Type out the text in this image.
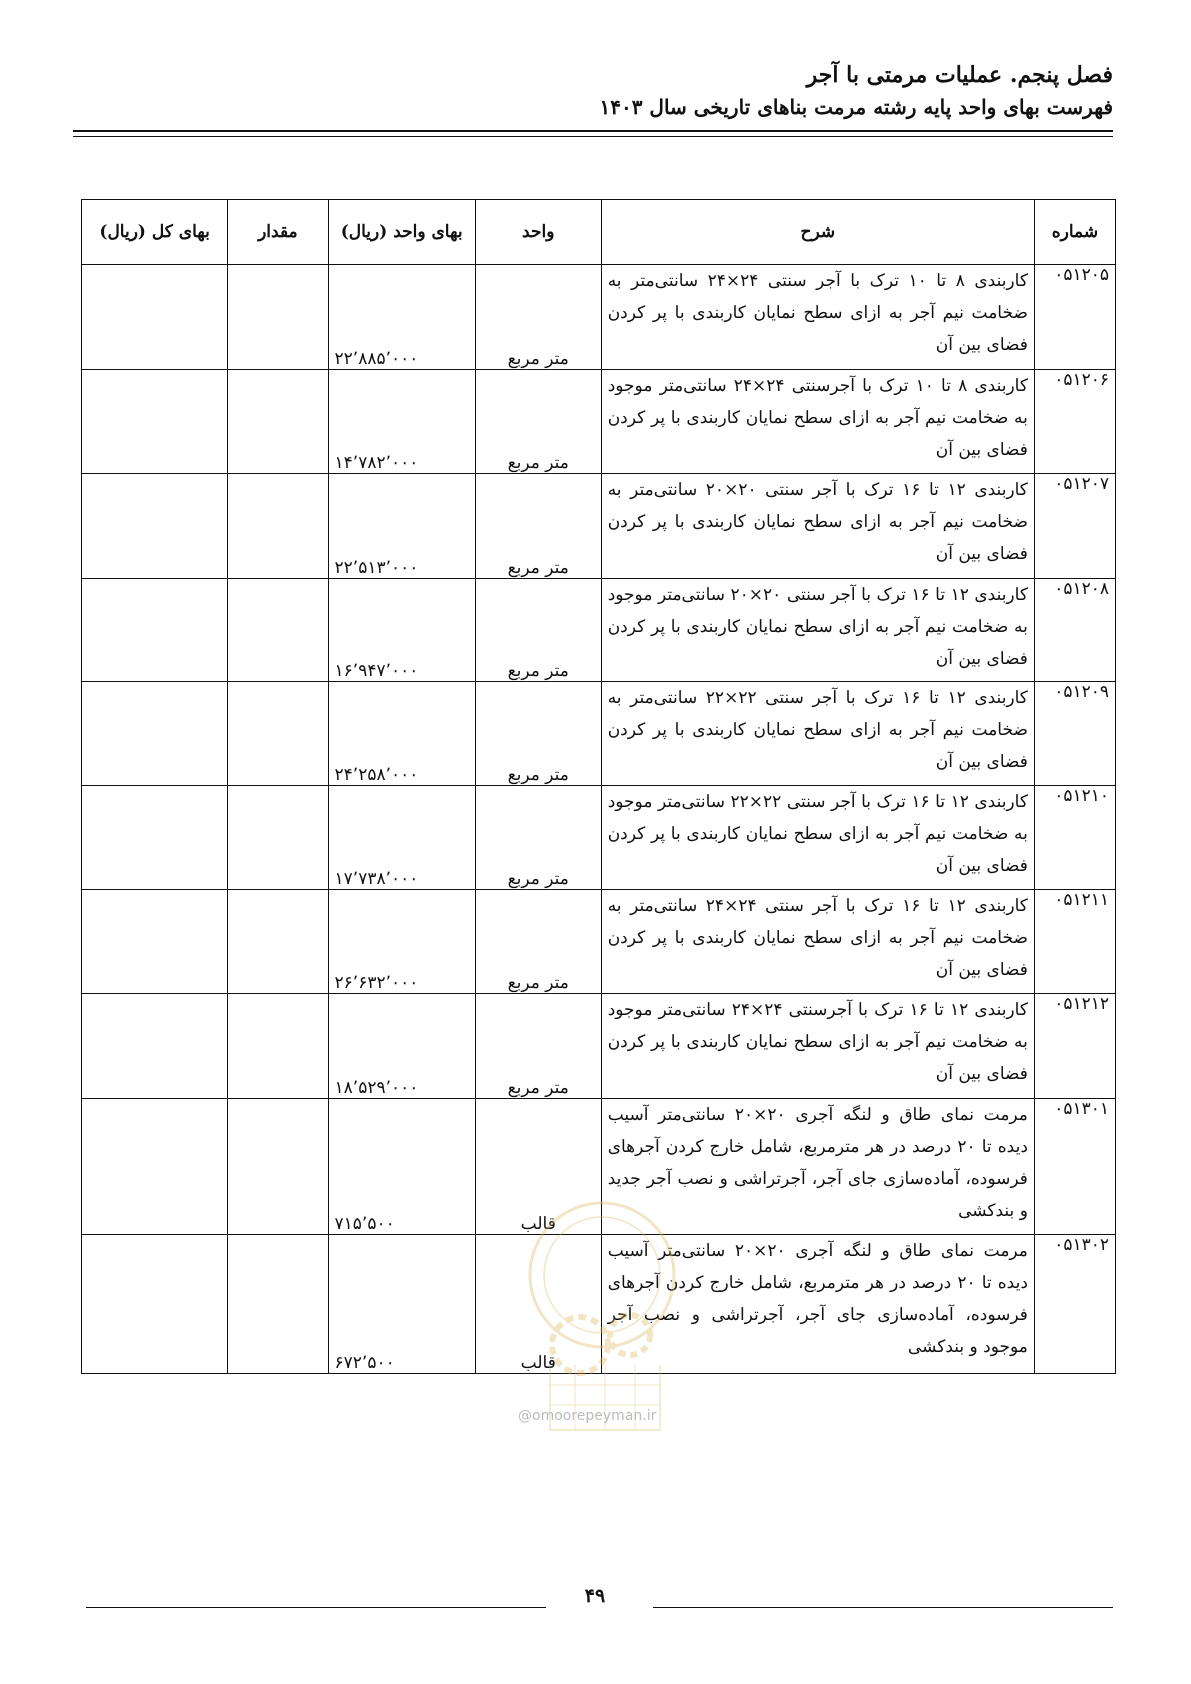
فصل پنجم. عملیات مرمتی با آجر
فهرست بهای واحد پایه رشته مرمت بناهای تاریخی سال ۱۴۰۳
شماره	شرح	واحد	بهای واحد (ریال)	مقدار	بهای کل (ریال)
۰۵۱۲۰۵	کاربندی ۸ تا ۱۰ ترک با آجر سنتی ۲۴×۲۴ سانتی‌متر به ضخامت نیم آجر به ازای سطح نمایان کاربندی با پر کردن فضای بین آن	متر مربع	۲۲٬۸۸۵٬۰۰۰		
۰۵۱۲۰۶	کاربندی ۸ تا ۱۰ ترک با آجرسنتی ۲۴×۲۴ سانتی‌متر موجود به ضخامت نیم آجر به ازای سطح نمایان کاربندی با پر کردن فضای بین آن	متر مربع	۱۴٬۷۸۲٬۰۰۰		
۰۵۱۲۰۷	کاربندی ۱۲ تا ۱۶ ترک با آجر سنتی ۲۰×۲۰ سانتی‌متر به ضخامت نیم آجر به ازای سطح نمایان کاربندی با پر کردن فضای بین آن	متر مربع	۲۲٬۵۱۳٬۰۰۰		
۰۵۱۲۰۸	کاربندی ۱۲ تا ۱۶ ترک با آجر سنتی ۲۰×۲۰ سانتی‌متر موجود به ضخامت نیم آجر به ازای سطح نمایان کاربندی با پر کردن فضای بین آن	متر مربع	۱۶٬۹۴۷٬۰۰۰		
۰۵۱۲۰۹	کاربندی ۱۲ تا ۱۶ ترک با آجر سنتی ۲۲×۲۲ سانتی‌متر به ضخامت نیم آجر به ازای سطح نمایان کاربندی با پر کردن فضای بین آن	متر مربع	۲۴٬۲۵۸٬۰۰۰		
۰۵۱۲۱۰	کاربندی ۱۲ تا ۱۶ ترک با آجر سنتی ۲۲×۲۲ سانتی‌متر موجود به ضخامت نیم آجر به ازای سطح نمایان کاربندی با پر کردن فضای بین آن	متر مربع	۱۷٬۷۳۸٬۰۰۰		
۰۵۱۲۱۱	کاربندی ۱۲ تا ۱۶ ترک با آجر سنتی ۲۴×۲۴ سانتی‌متر به ضخامت نیم آجر به ازای سطح نمایان کاربندی با پر کردن فضای بین آن	متر مربع	۲۶٬۶۳۲٬۰۰۰		
۰۵۱۲۱۲	کاربندی ۱۲ تا ۱۶ ترک با آجرسنتی ۲۴×۲۴ سانتی‌متر موجود به ضخامت نیم آجر به ازای سطح نمایان کاربندی با پر کردن فضای بین آن	متر مربع	۱۸٬۵۲۹٬۰۰۰		
۰۵۱۳۰۱	مرمت نمای طاق و لنگه آجری ۲۰×۲۰ سانتی‌متر آسیب دیده تا ۲۰ درصد در هر مترمربع، شامل خارج کردن آجرهای فرسوده، آماده‌سازی جای آجر، آجرتراشی و نصب آجر جدید و بندکشی	قالب	۷۱۵٬۵۰۰		
۰۵۱۳۰۲	مرمت نمای طاق و لنگه آجری ۲۰×۲۰ سانتی‌متر آسیب دیده تا ۲۰ درصد در هر مترمربع، شامل خارج کردن آجرهای فرسوده، آماده‌سازی جای آجر، آجرتراشی و نصب آجر موجود و بندکشی	قالب	۶۷۲٬۵۰۰		
@omoorepeyman.ir
۴۹
